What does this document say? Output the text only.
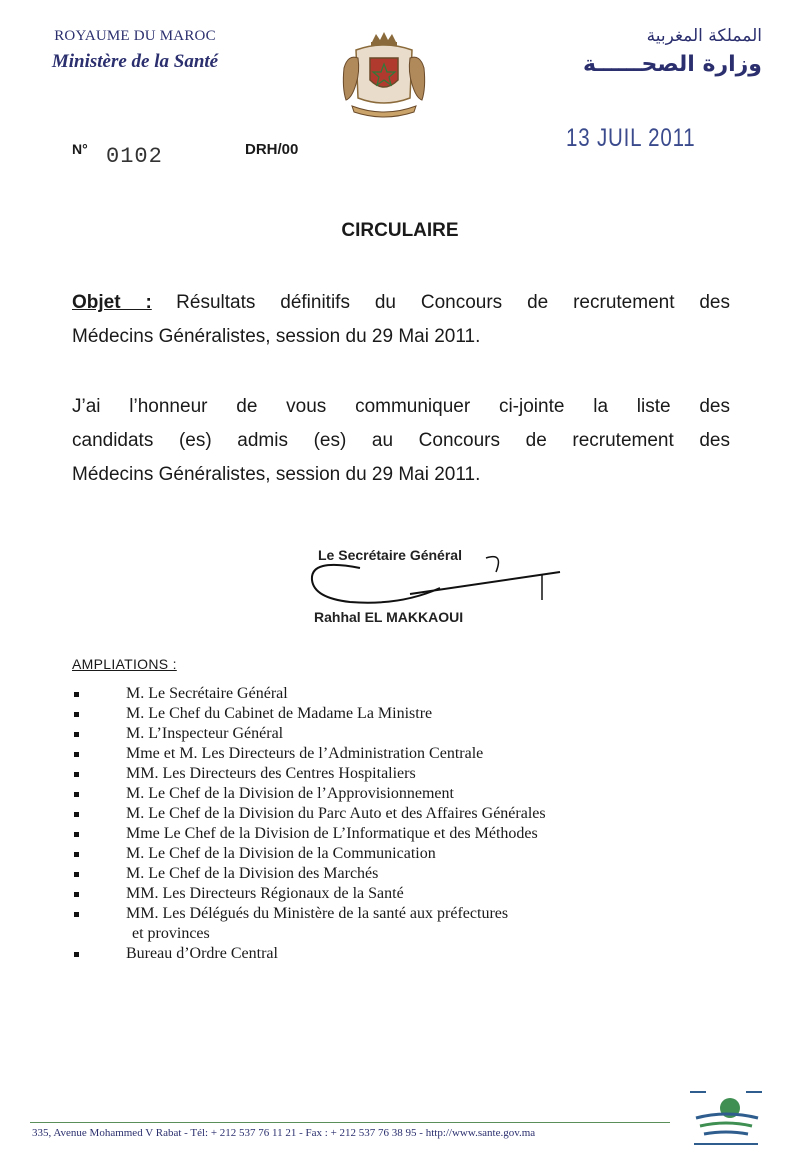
ROYAUME DU MAROC
Ministère de la Santé
المملكة المغربية
وزارة الصحــــــة
N° 0102	DRH/00	13 JUIL 2011
CIRCULAIRE
Objet : Résultats définitifs du Concours de recrutement des
Médecins Généralistes, session du 29 Mai 2011.
J’ai l’honneur de vous communiquer ci-jointe la liste des
candidats (es) admis (es) au Concours de recrutement des
Médecins Généralistes, session du 29 Mai 2011.
Le Secrétaire Général
Rahhal EL MAKKAOUI
AMPLIATIONS :
M. Le Secrétaire Général
M. Le Chef du Cabinet de Madame La Ministre
M. L’Inspecteur Général
Mme et M. Les Directeurs de l’Administration Centrale
MM. Les Directeurs des Centres Hospitaliers
M. Le Chef de la Division de l’Approvisionnement
M. Le Chef de la Division du Parc Auto et des Affaires Générales
Mme Le Chef de la Division de L’Informatique et des Méthodes
M. Le Chef de la Division de la Communication
M. Le Chef de la Division des Marchés
MM. Les Directeurs Régionaux de la Santé
MM. Les Délégués du Ministère de la santé aux préfectures
et provinces
Bureau d’Ordre Central
335, Avenue Mohammed V Rabat - Tél: + 212 537 76 11 21 - Fax : + 212 537 76 38 95 - http://www.sante.gov.ma
